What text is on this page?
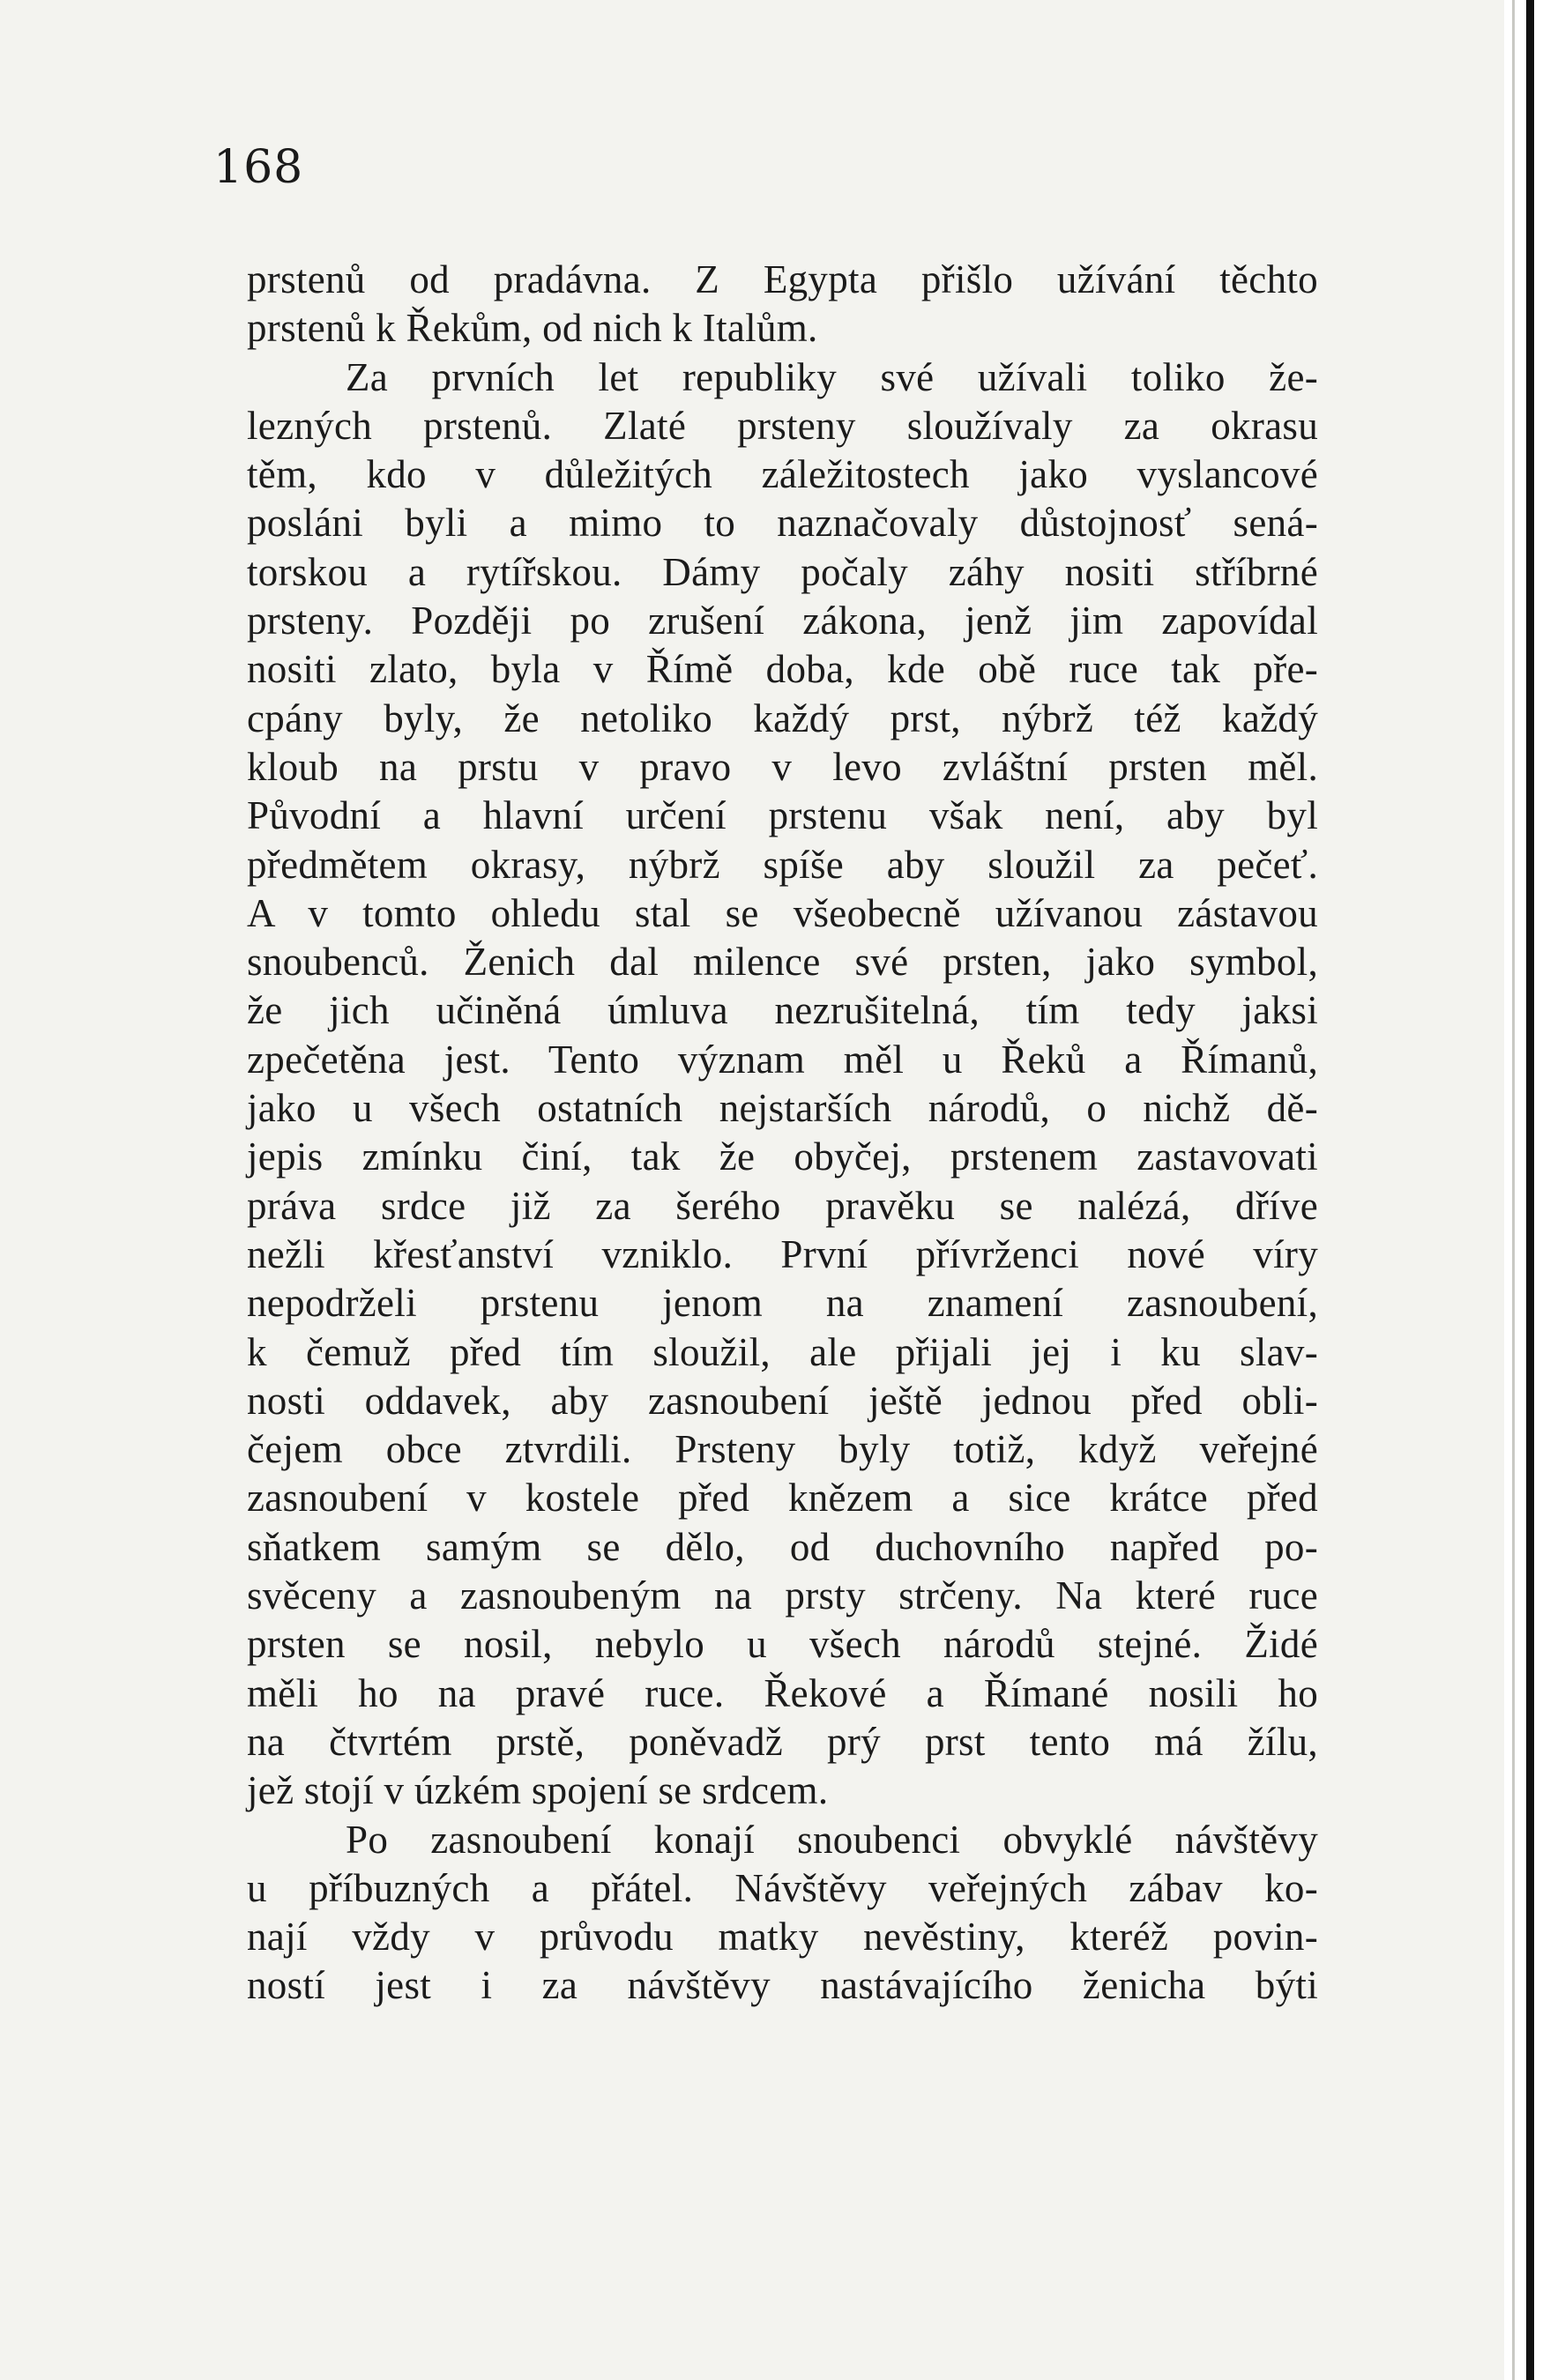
168
prstenů od pradávna. Z Egypta přišlo užívání těchto
prstenů k Řekům, od nich k Italům.
Za prvních let republiky své užívali toliko že-
lezných prstenů. Zlaté prsteny sloužívaly za okrasu
těm, kdo v důležitých záležitostech jako vyslancové
posláni byli a mimo to naznačovaly důstojnosť sená-
torskou a rytířskou. Dámy počaly záhy nositi stříbrné
prsteny. Později po zrušení zákona, jenž jim zapovídal
nositi zlato, byla v Římě doba, kde obě ruce tak pře-
cpány byly, že netoliko každý prst, nýbrž též každý
kloub na prstu v pravo v levo zvláštní prsten měl.
Původní a hlavní určení prstenu však není, aby byl
předmětem okrasy, nýbrž spíše aby sloužil za pečeť.
A v tomto ohledu stal se všeobecně užívanou zástavou
snoubenců. Ženich dal milence své prsten, jako symbol,
že jich učiněná úmluva nezrušitelná, tím tedy jaksi
zpečetěna jest. Tento význam měl u Řeků a Římanů,
jako u všech ostatních nejstarších národů, o nichž dě-
jepis zmínku činí, tak že obyčej, prstenem zastavovati
práva srdce již za šerého pravěku se nalézá, dříve
nežli křesťanství vzniklo. První přívrženci nové víry
nepodrželi prstenu jenom na znamení zasnoubení,
k čemuž před tím sloužil, ale přijali jej i ku slav-
nosti oddavek, aby zasnoubení ještě jednou před obli-
čejem obce ztvrdili. Prsteny byly totiž, když veřejné
zasnoubení v kostele před knězem a sice krátce před
sňatkem samým se dělo, od duchovního napřed po-
svěceny a zasnoubeným na prsty strčeny. Na které ruce
prsten se nosil, nebylo u všech národů stejné. Židé
měli ho na pravé ruce. Řekové a Římané nosili ho
na čtvrtém prstě, poněvadž prý prst tento má žílu,
jež stojí v úzkém spojení se srdcem.
Po zasnoubení konají snoubenci obvyklé návštěvy
u příbuzných a přátel. Návštěvy veřejných zábav ko-
nají vždy v průvodu matky nevěstiny, kteréž povin-
ností jest i za návštěvy nastávajícího ženicha býti
